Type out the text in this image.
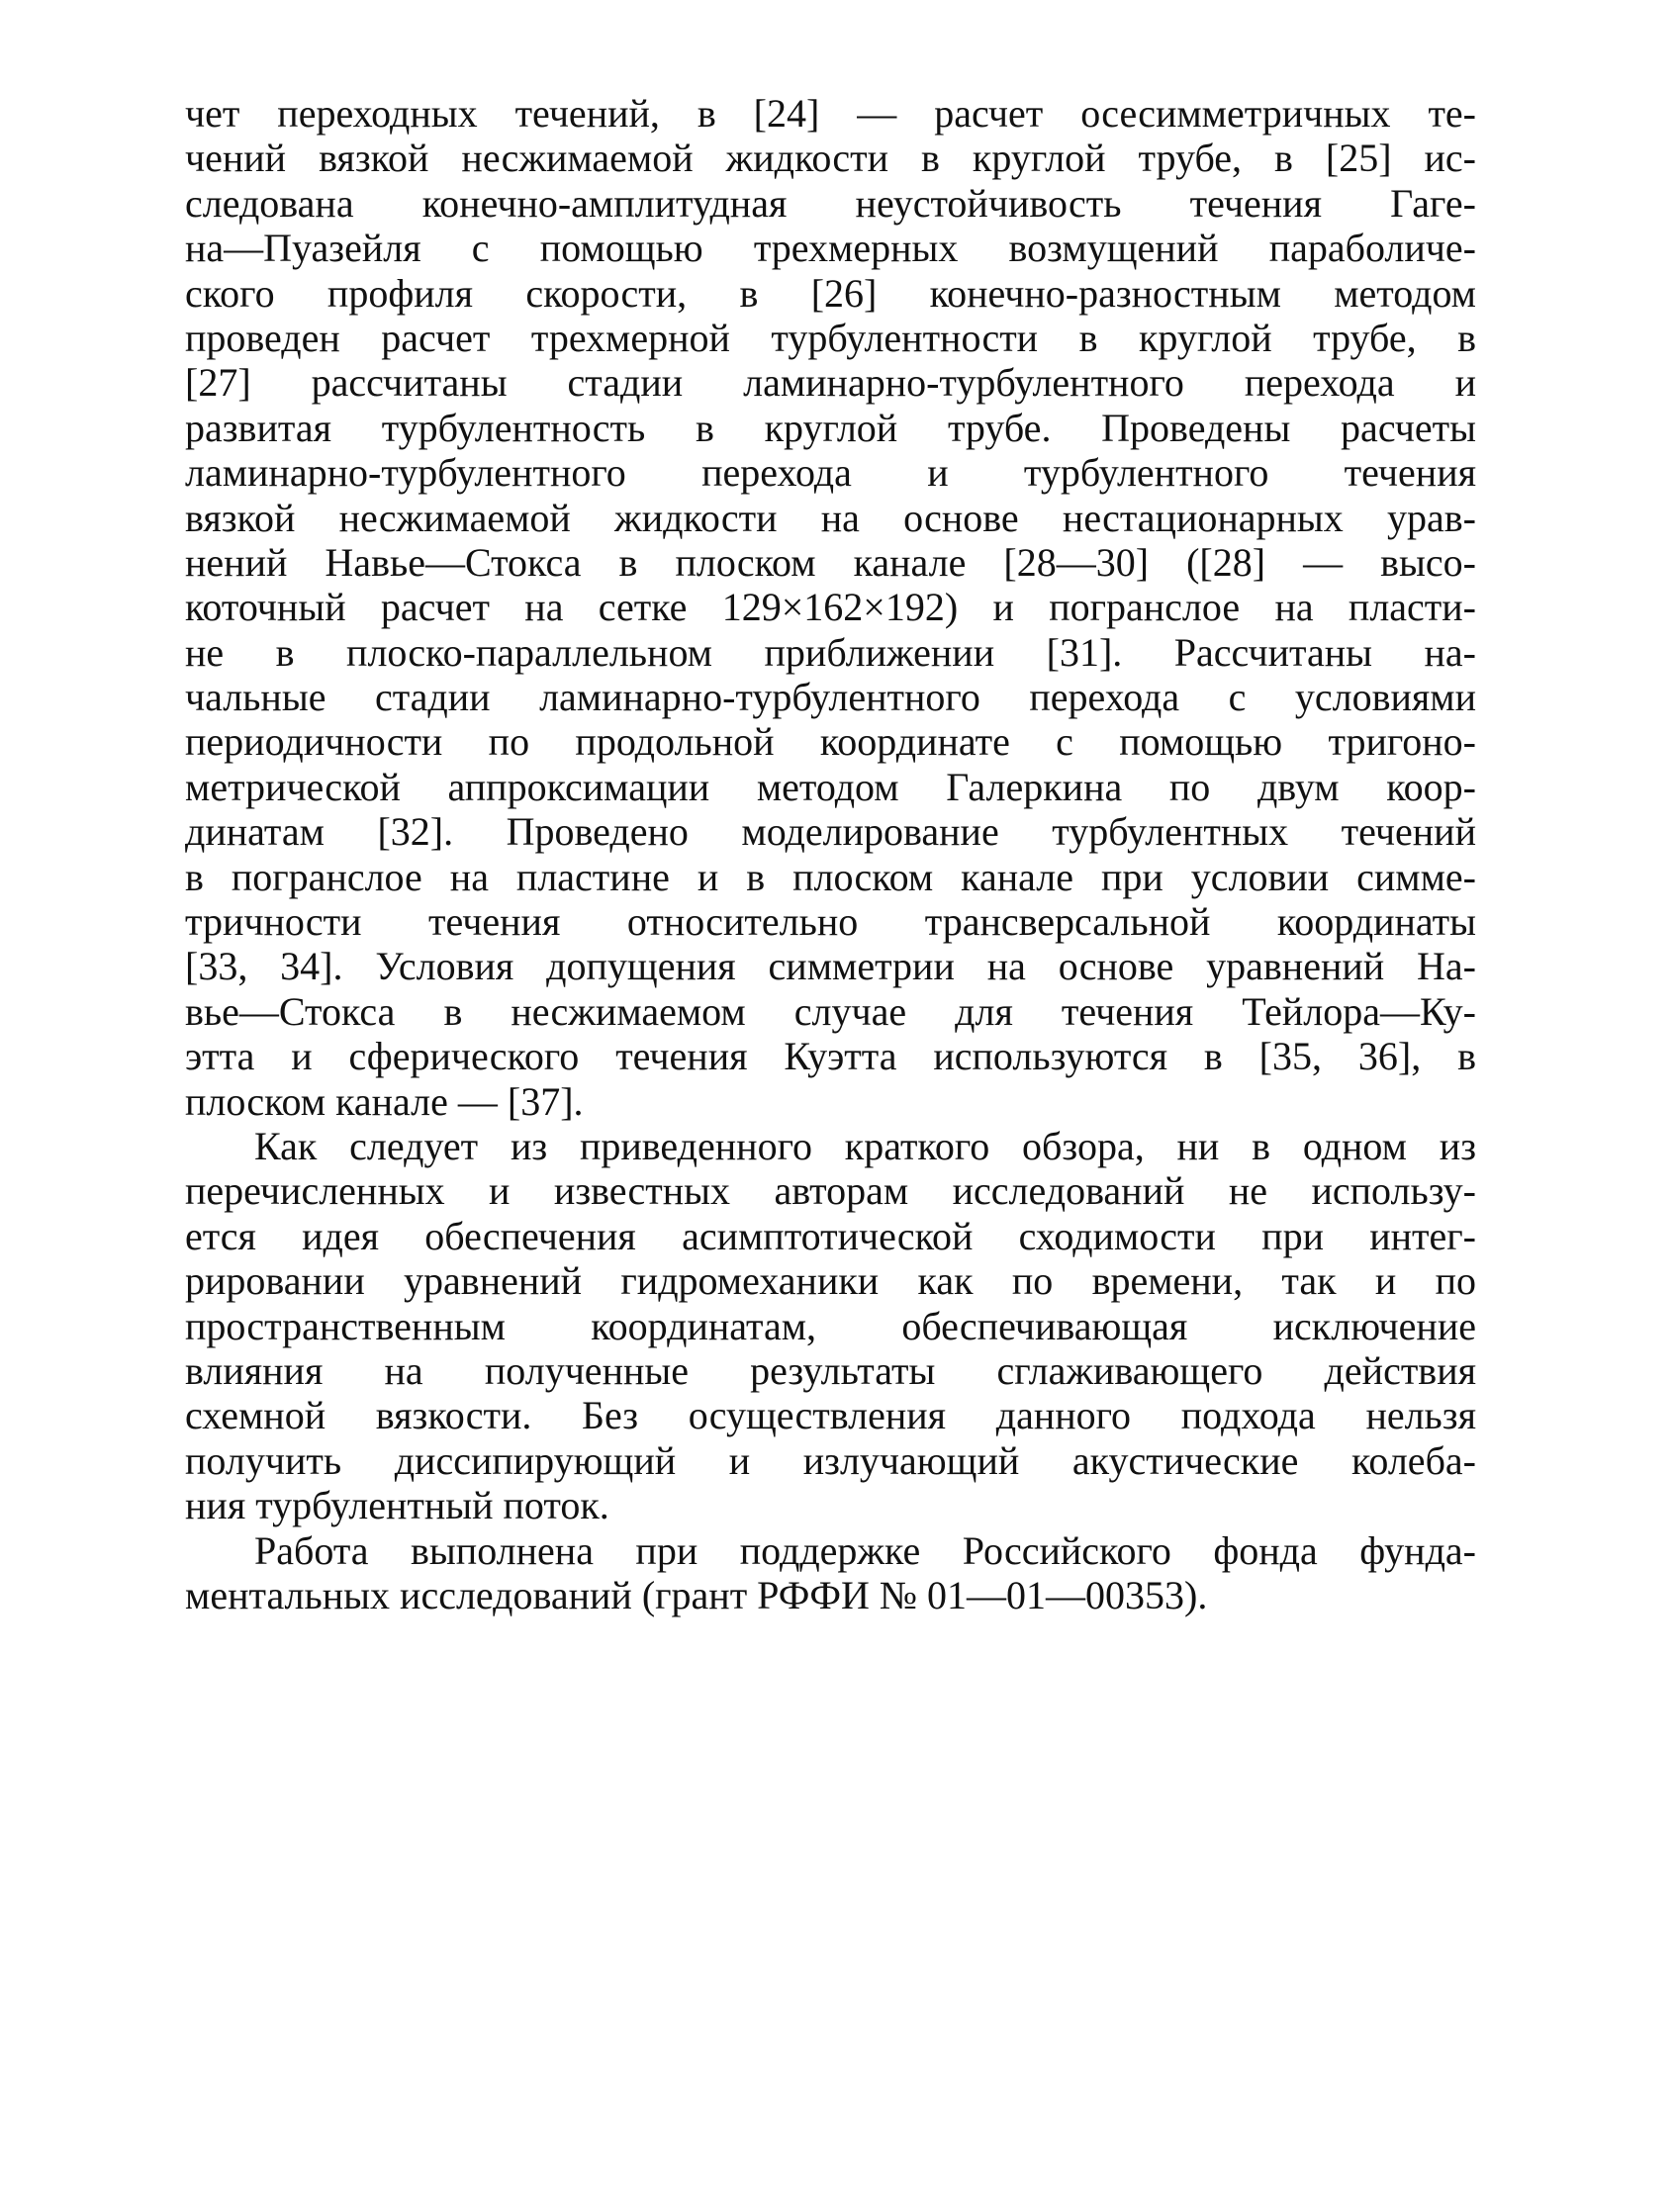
чет переходных течений, в [24] — расчет осесимметричных те-
чений вязкой несжимаемой жидкости в круглой трубе, в [25] ис-
следована конечно-амплитудная неустойчивость течения Гаге-
на—Пуазейля с помощью трехмерных возмущений параболиче-
ского профиля скорости, в [26] конечно-разностным методом
проведен расчет трехмерной турбулентности в круглой трубе, в
[27] рассчитаны стадии ламинарно-турбулентного перехода и
развитая турбулентность в круглой трубе. Проведены расчеты
ламинарно-турбулентного перехода и турбулентного течения
вязкой несжимаемой жидкости на основе нестационарных урав-
нений Навье—Стокса в плоском канале [28—30] ([28] — высо-
коточный расчет на сетке 129×162×192) и погранслое на пласти-
не в плоско-параллельном приближении [31]. Рассчитаны на-
чальные стадии ламинарно-турбулентного перехода с условиями
периодичности по продольной координате с помощью тригоно-
метрической аппроксимации методом Галеркина по двум коор-
динатам [32]. Проведено моделирование турбулентных течений
в погранслое на пластине и в плоском канале при условии симме-
тричности течения относительно трансверсальной координаты
[33, 34]. Условия допущения симметрии на основе уравнений На-
вье—Стокса в несжимаемом случае для течения Тейлора—Ку-
этта и сферического течения Куэтта используются в [35, 36], в
плоском канале — [37].
Как следует из приведенного краткого обзора, ни в одном из
перечисленных и известных авторам исследований не использу-
ется идея обеспечения асимптотической сходимости при интег-
рировании уравнений гидромеханики как по времени, так и по
пространственным координатам, обеспечивающая исключение
влияния на полученные результаты сглаживающего действия
схемной вязкости. Без осуществления данного подхода нельзя
получить диссипирующий и излучающий акустические колеба-
ния турбулентный поток.
Работа выполнена при поддержке Российского фонда фунда-
ментальных исследований (грант РФФИ № 01—01—00353).
